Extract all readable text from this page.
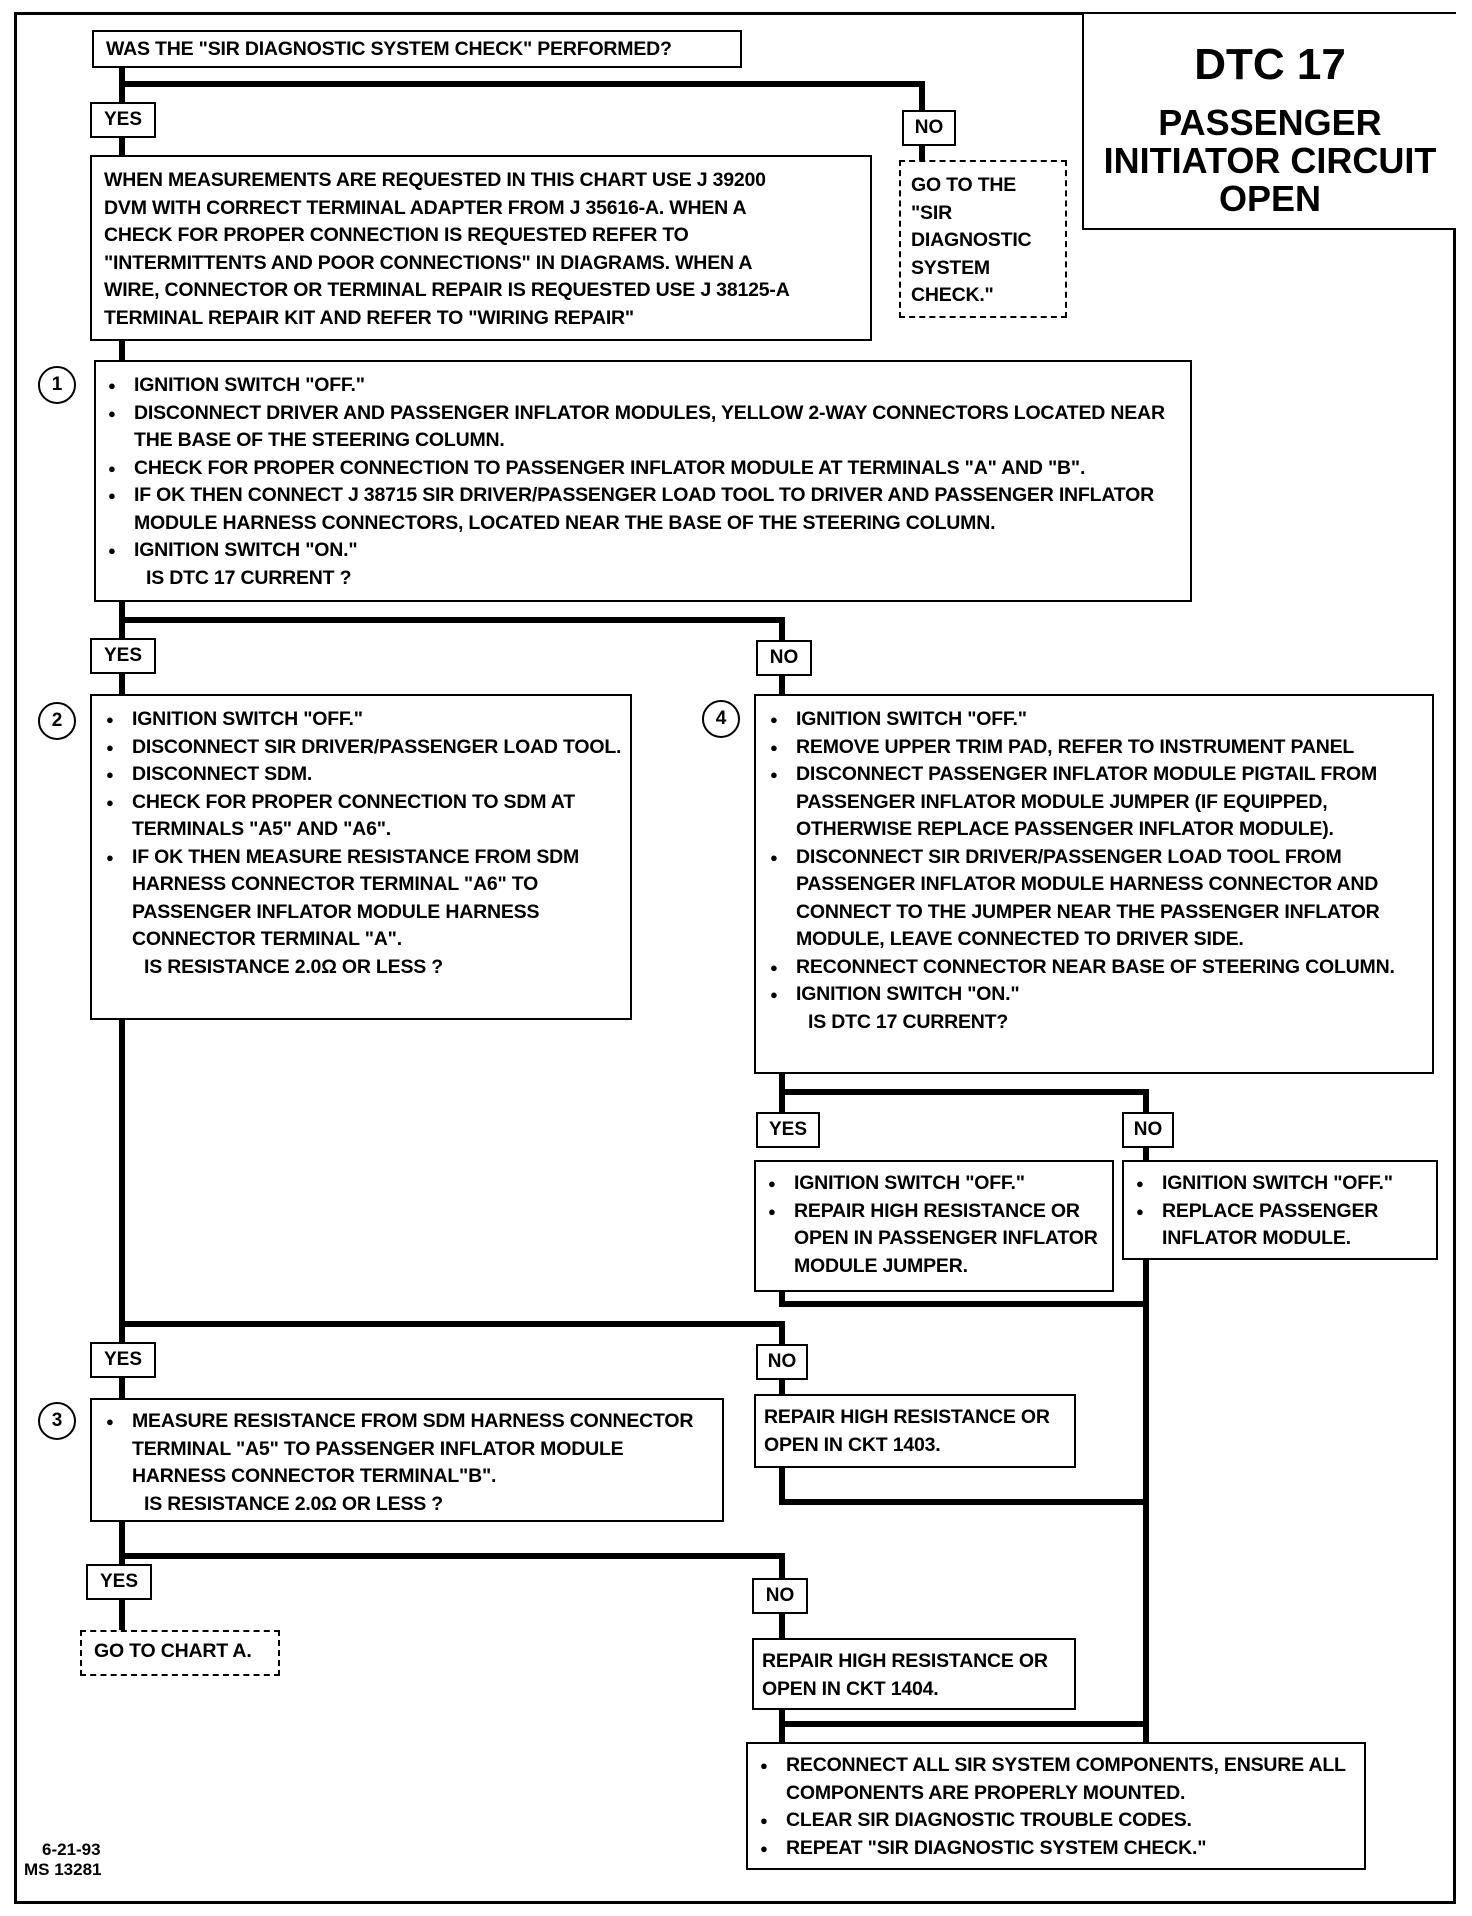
DTC 17
PASSENGER
INITIATOR CIRCUIT
OPEN
WAS THE "SIR DIAGNOSTIC SYSTEM CHECK" PERFORMED?
YES	NO
GO TO THE
"SIR
DIAGNOSTIC
SYSTEM
CHECK."
WHEN MEASUREMENTS ARE REQUESTED IN THIS CHART USE J 39200
DVM WITH CORRECT TERMINAL ADAPTER FROM J 35616-A. WHEN A
CHECK FOR PROPER CONNECTION IS REQUESTED REFER TO
"INTERMITTENTS AND POOR CONNECTIONS" IN DIAGRAMS. WHEN A
WIRE, CONNECTOR OR TERMINAL REPAIR IS REQUESTED USE J 38125-A
TERMINAL REPAIR KIT AND REFER TO "WIRING REPAIR"
1	● IGNITION SWITCH "OFF."
● DISCONNECT DRIVER AND PASSENGER INFLATOR MODULES, YELLOW 2-WAY CONNECTORS LOCATED NEAR THE BASE OF THE STEERING COLUMN.
● CHECK FOR PROPER CONNECTION TO PASSENGER INFLATOR MODULE AT TERMINALS "A" AND "B".
● IF OK THEN CONNECT J 38715 SIR DRIVER/PASSENGER LOAD TOOL TO DRIVER AND PASSENGER INFLATOR MODULE HARNESS CONNECTORS, LOCATED NEAR THE BASE OF THE STEERING COLUMN.
● IGNITION SWITCH "ON."
IS DTC 17 CURRENT ?
YES	NO
2	● IGNITION SWITCH "OFF."
● DISCONNECT SIR DRIVER/PASSENGER LOAD TOOL.
● DISCONNECT SDM.
● CHECK FOR PROPER CONNECTION TO SDM AT TERMINALS "A5" AND "A6".
● IF OK THEN MEASURE RESISTANCE FROM SDM HARNESS CONNECTOR TERMINAL "A6" TO PASSENGER INFLATOR MODULE HARNESS CONNECTOR TERMINAL "A".
IS RESISTANCE 2.0Ω OR LESS ?
4	● IGNITION SWITCH "OFF."
● REMOVE UPPER TRIM PAD, REFER TO INSTRUMENT PANEL
● DISCONNECT PASSENGER INFLATOR MODULE PIGTAIL FROM PASSENGER INFLATOR MODULE JUMPER (IF EQUIPPED, OTHERWISE REPLACE PASSENGER INFLATOR MODULE).
● DISCONNECT SIR DRIVER/PASSENGER LOAD TOOL FROM PASSENGER INFLATOR MODULE HARNESS CONNECTOR AND CONNECT TO THE JUMPER NEAR THE PASSENGER INFLATOR MODULE, LEAVE CONNECTED TO DRIVER SIDE.
● RECONNECT CONNECTOR NEAR BASE OF STEERING COLUMN.
● IGNITION SWITCH "ON."
IS DTC 17 CURRENT?
YES	NO
● IGNITION SWITCH "OFF."
● REPAIR HIGH RESISTANCE OR OPEN IN PASSENGER INFLATOR MODULE JUMPER.
● IGNITION SWITCH "OFF."
● REPLACE PASSENGER INFLATOR MODULE.
YES	NO
3	● MEASURE RESISTANCE FROM SDM HARNESS CONNECTOR TERMINAL "A5" TO PASSENGER INFLATOR MODULE HARNESS CONNECTOR TERMINAL"B".
IS RESISTANCE 2.0Ω OR LESS ?
REPAIR HIGH RESISTANCE OR
OPEN IN CKT 1403.
YES
NO
GO TO CHART A.	REPAIR HIGH RESISTANCE OR
OPEN IN CKT 1404.
● RECONNECT ALL SIR SYSTEM COMPONENTS, ENSURE ALL COMPONENTS ARE PROPERLY MOUNTED.
● CLEAR SIR DIAGNOSTIC TROUBLE CODES.
● REPEAT "SIR DIAGNOSTIC SYSTEM CHECK."
6-21-93
MS 13281
